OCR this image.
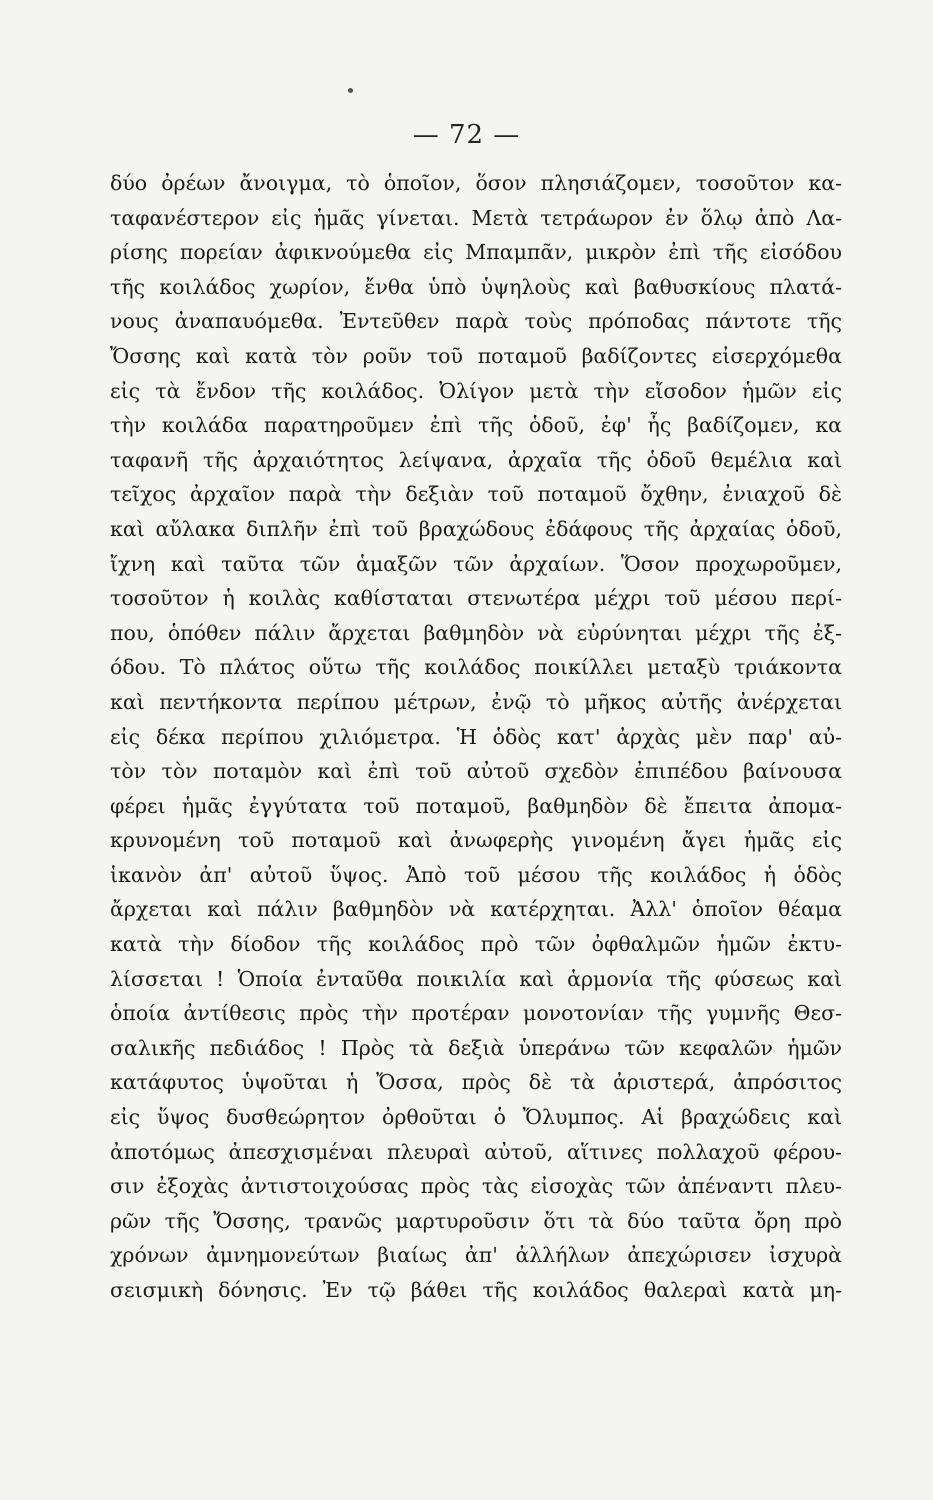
— 72 —
δύο ὀρέων ἄνοιγμα, τὸ ὁποῖον, ὅσον πλησιάζομεν, τοσοῦτον κα-
ταφανέστερον εἰς ἡμᾶς γίνεται. Μετὰ τετράωρον ἐν ὅλῳ ἀπὸ Λα-
ρίσης πορείαν ἀφικνούμεθα εἰς Μπαμπᾶν, μικρὸν ἐπὶ τῆς εἰσόδου
τῆς κοιλάδος χωρίον, ἔνθα ὑπὸ ὑψηλοὺς καὶ βαθυσκίους πλατά-
νους ἀναπαυόμεθα. Ἐντεῦθεν παρὰ τοὺς πρόποδας πάντοτε τῆς
Ὄσσης καὶ κατὰ τὸν ροῦν τοῦ ποταμοῦ βαδίζοντες εἰσερχόμεθα
εἰς τὰ ἔνδον τῆς κοιλάδος. Ὀλίγον μετὰ τὴν εἴσοδον ἡμῶν εἰς
τὴν κοιλάδα παρατηροῦμεν ἐπὶ τῆς ὁδοῦ, ἐφ' ἧς βαδίζομεν, κα
ταφανῆ τῆς ἀρχαιότητος λείψανα, ἀρχαῖα τῆς ὁδοῦ θεμέλια καὶ
τεῖχος ἀρχαῖον παρὰ τὴν δεξιὰν τοῦ ποταμοῦ ὄχθην, ἐνιαχοῦ δὲ
καὶ αὔλακα διπλῆν ἐπὶ τοῦ βραχώδους ἐδάφους τῆς ἀρχαίας ὁδοῦ,
ἴχνη καὶ ταῦτα τῶν ἁμαξῶν τῶν ἀρχαίων. Ὅσον προχωροῦμεν,
τοσοῦτον ἡ κοιλὰς καθίσταται στενωτέρα μέχρι τοῦ μέσου περί-
που, ὁπόθεν πάλιν ἄρχεται βαθμηδὸν νὰ εὐρύνηται μέχρι τῆς ἐξ-
όδου. Τὸ πλάτος οὕτω τῆς κοιλάδος ποικίλλει μεταξὺ τριάκοντα
καὶ πεντήκοντα περίπου μέτρων, ἐνῷ τὸ μῆκος αὐτῆς ἀνέρχεται
εἰς δέκα περίπου χιλιόμετρα. Ἡ ὁδὸς κατ' ἀρχὰς μὲν παρ' αὐ-
τὸν τὸν ποταμὸν καὶ ἐπὶ τοῦ αὐτοῦ σχεδὸν ἐπιπέδου βαίνουσα
φέρει ἡμᾶς ἐγγύτατα τοῦ ποταμοῦ, βαθμηδὸν δὲ ἔπειτα ἀπομα-
κρυνομένη τοῦ ποταμοῦ καὶ ἀνωφερὴς γινομένη ἄγει ἡμᾶς εἰς
ἱκανὸν ἀπ' αὐτοῦ ὕψος. Ἀπὸ τοῦ μέσου τῆς κοιλάδος ἡ ὁδὸς
ἄρχεται καὶ πάλιν βαθμηδὸν νὰ κατέρχηται. Ἀλλ' ὁποῖον θέαμα
κατὰ τὴν δίοδον τῆς κοιλάδος πρὸ τῶν ὀφθαλμῶν ἡμῶν ἐκτυ-
λίσσεται ! Ὁποία ἐνταῦθα ποικιλία καὶ ἁρμονία τῆς φύσεως καὶ
ὁποία ἀντίθεσις πρὸς τὴν προτέραν μονοτονίαν τῆς γυμνῆς Θεσ-
σαλικῆς πεδιάδος ! Πρὸς τὰ δεξιὰ ὑπεράνω τῶν κεφαλῶν ἡμῶν
κατάφυτος ὑψοῦται ἡ Ὄσσα, πρὸς δὲ τὰ ἀριστερά, ἀπρόσιτος
εἰς ὕψος δυσθεώρητον ὀρθοῦται ὁ Ὄλυμπος. Αἱ βραχώδεις καὶ
ἀποτόμως ἀπεσχισμέναι πλευραὶ αὐτοῦ, αἵτινες πολλαχοῦ φέρου-
σιν ἐξοχὰς ἀντιστοιχούσας πρὸς τὰς εἰσοχὰς τῶν ἀπέναντι πλευ-
ρῶν τῆς Ὄσσης, τρανῶς μαρτυροῦσιν ὅτι τὰ δύο ταῦτα ὄρη πρὸ
χρόνων ἀμνημονεύτων βιαίως ἀπ' ἀλλήλων ἀπεχώρισεν ἰσχυρὰ
σεισμικὴ δόνησις. Ἐν τῷ βάθει τῆς κοιλάδος θαλεραὶ κατὰ μη-
